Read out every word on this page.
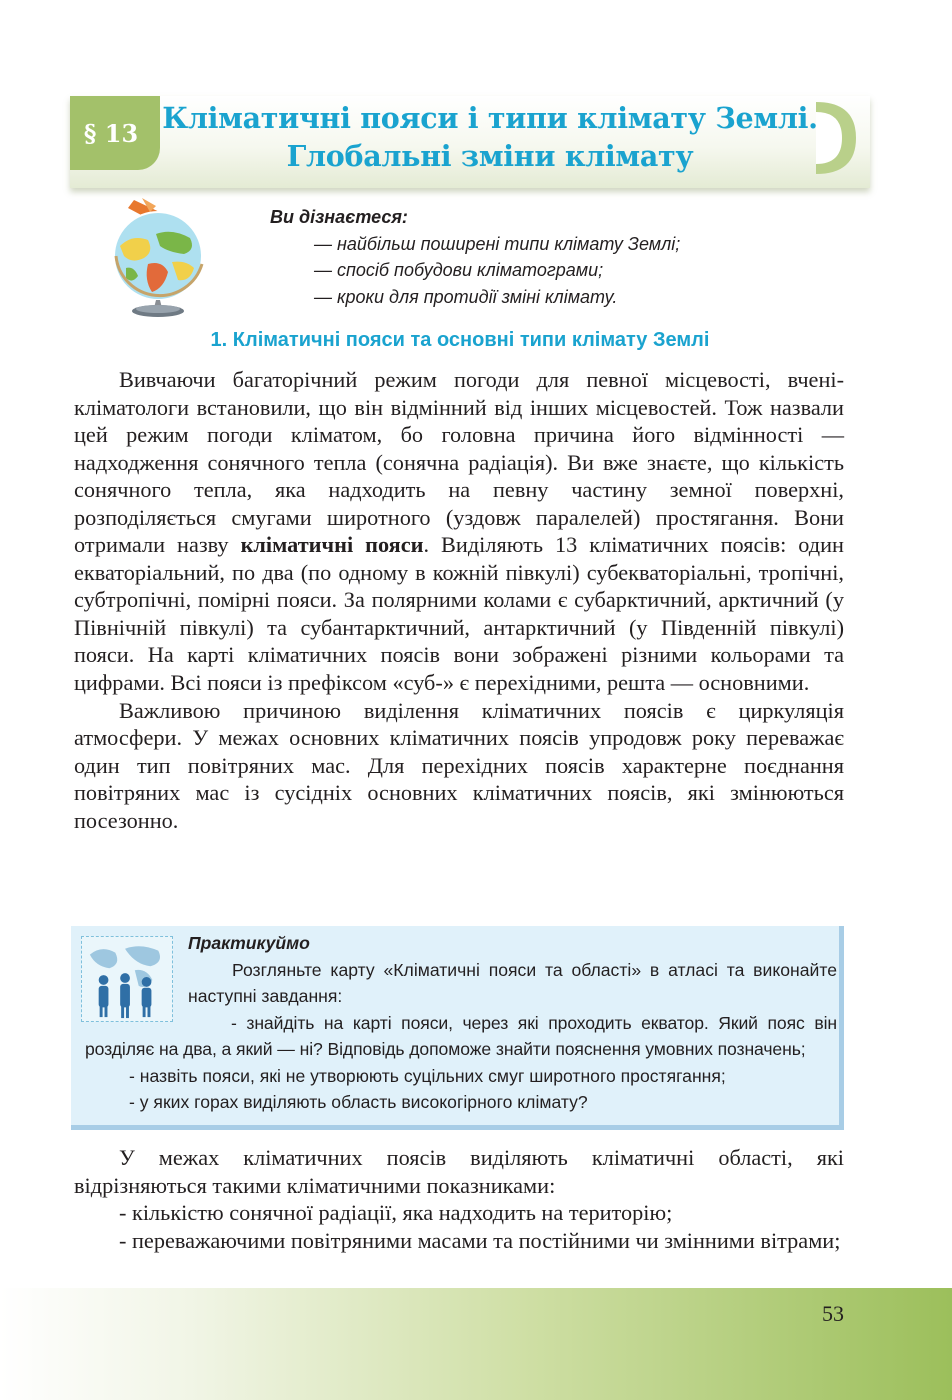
§ 13 Кліматичні пояси і типи клімату Землі.
Глобальні зміни клімату
Ви дізнаєтеся:
— найбільш поширені типи клімату Землі;
— спосіб побудови кліматограми;
— кроки для протидії зміні клімату.
1. Кліматичні пояси та основні типи клімату Землі

Вивчаючи багаторічний режим погоди для певної місцевості, вчені-кліматологи встановили, що він відмінний від інших місцевостей. Тож назвали цей режим погоди кліматом, бо головна причина його відмінності — надходження сонячного тепла (сонячна радіація). Ви вже знаєте, що кількість сонячного тепла, яка надходить на певну частину земної поверхні, розподіляється смугами широтного (уздовж паралелей) простягання. Вони отримали назву кліматичні пояси. Виділяють 13 кліматичних поясів: один екваторіальний, по два (по одному в кожній півкулі) субекваторіальні, тропічні, субтропічні, помірні пояси. За полярними колами є субарктичний, арктичний (у Північній півкулі) та субантарктичний, антарктичний (у Південній півкулі) пояси. На карті кліматичних поясів вони зображені різними кольорами та цифрами. Всі пояси із префіксом «суб-» є перехідними, решта — основними.

Важливою причиною виділення кліматичних поясів є циркуляція атмосфери. У межах основних кліматичних поясів упродовж року переважає один тип повітряних мас. Для перехідних поясів характерне поєднання повітряних мас із сусідніх основних кліматичних поясів, які змінюються посезонно.

Практикуймо
Розгляньте карту «Кліматичні пояси та області» в атласі та виконайте наступні завдання:
- знайдіть на карті пояси, через які проходить екватор. Який пояс він розділяє на два, а який — ні? Відповідь допоможе знайти пояснення умовних позначень;
- назвіть пояси, які не утворюють суцільних смуг широтного простягання;
- у яких горах виділяють область високогірного клімату?

У межах кліматичних поясів виділяють кліматичні області, які відрізняються такими кліматичними показниками:

- кількістю сонячної радіації, яка надходить на територію;

- переважаючими повітряними масами та постійними чи змінними вітрами;

53
